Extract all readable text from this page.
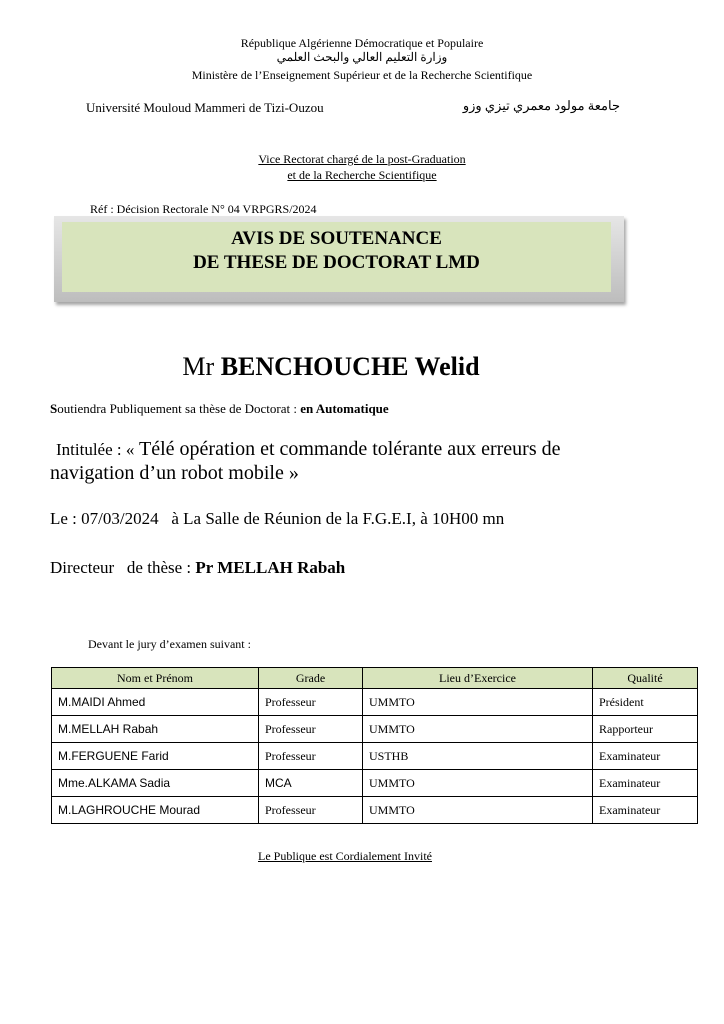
République Algérienne Démocratique et Populaire
وزارة التعليم العالي والبحث العلمي
Ministère de l’Enseignement Supérieur et de la Recherche Scientifique
Université Mouloud Mammeri de Tizi-Ouzou	جامعة مولود معمري تيزي وزو
Vice Rectorat chargé de la post-Graduation
et de la Recherche Scientifique
Réf : Décision Rectorale N° 04 VRPGRS/2024
AVIS DE SOUTENANCE
DE THESE DE DOCTORAT LMD
Mr BENCHOUCHE Welid
Soutiendra Publiquement sa thèse de Doctorat : en Automatique
Intitulée : « Télé opération et commande tolérante aux erreurs de
navigation d’un robot mobile »
Le : 07/03/2024 à La Salle de Réunion de la F.G.E.I, à 10H00 mn
Directeur   de thèse : Pr MELLAH Rabah
Devant le jury d’examen suivant :
Nom et Prénom	Grade	Lieu d’Exercice	Qualité
M.MAIDI Ahmed	Professeur	UMMTO	Président
M.MELLAH Rabah	Professeur	UMMTO	Rapporteur
M.FERGUENE Farid	Professeur	USTHB	Examinateur
Mme.ALKAMA Sadia	MCA	UMMTO	Examinateur
M.LAGHROUCHE Mourad	Professeur	UMMTO	Examinateur
Le Publique est Cordialement Invité
